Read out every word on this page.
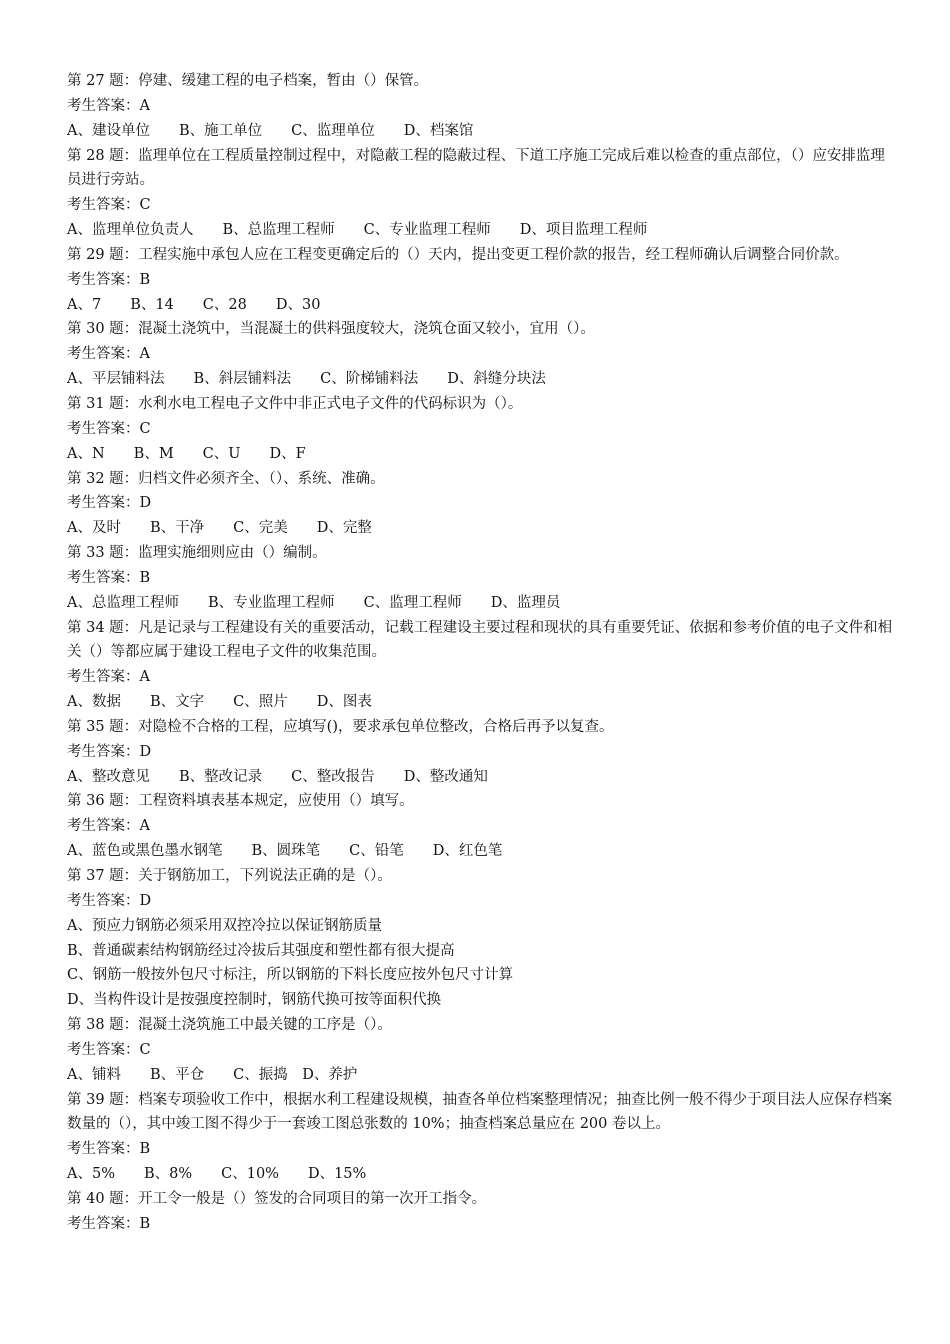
第 27 题：停建、缓建工程的电子档案，暂由（）保管。

考生答案：A

A、建设单位　　B、施工单位　　C、监理单位　　D、档案馆

第 28 题：监理单位在工程质量控制过程中，对隐蔽工程的隐蔽过程、下道工序施工完成后难以检查的重点部位，（）应安排监理员进行旁站。

考生答案：C

A、监理单位负责人　　B、总监理工程师　　C、专业监理工程师　　D、项目监理工程师

第 29 题：工程实施中承包人应在工程变更确定后的（）天内，提出变更工程价款的报告，经工程师确认后调整合同价款。

考生答案：B

A、7　　B、14　　C、28　　D、30

第 30 题：混凝土浇筑中，当混凝土的供料强度较大，浇筑仓面又较小，宜用（）。

考生答案：A

A、平层铺料法　　B、斜层铺料法　　C、阶梯铺料法　　D、斜缝分块法

第 31 题：水利水电工程电子文件中非正式电子文件的代码标识为（）。

考生答案：C

A、N　　B、M　　C、U　　D、F

第 32 题：归档文件必须齐全、（）、系统、准确。

考生答案：D

A、及时　　B、干净　　C、完美　　D、完整

第 33 题：监理实施细则应由（）编制。

考生答案：B

A、总监理工程师　　B、专业监理工程师　　C、监理工程师　　D、监理员

第 34 题：凡是记录与工程建设有关的重要活动，记载工程建设主要过程和现状的具有重要凭证、依据和参考价值的电子文件和相关（）等都应属于建设工程电子文件的收集范围。

考生答案：A

A、数据　　B、文字　　C、照片　　D、图表

第 35 题：对隐检不合格的工程，应填写()，要求承包单位整改，合格后再予以复查。

考生答案：D

A、整改意见　　B、整改记录　　C、整改报告　　D、整改通知

第 36 题：工程资料填表基本规定，应使用（）填写。

考生答案：A

A、蓝色或黑色墨水钢笔　　B、圆珠笔　　C、铅笔　　D、红色笔

第 37 题：关于钢筋加工，下列说法正确的是（）。

考生答案：D

A、预应力钢筋必须采用双控冷拉以保证钢筋质量

B、普通碳素结构钢筋经过冷拔后其强度和塑性都有很大提高

C、钢筋一般按外包尺寸标注，所以钢筋的下料长度应按外包尺寸计算

D、当构件设计是按强度控制时，钢筋代换可按等面积代换

第 38 题：混凝土浇筑施工中最关键的工序是（）。

考生答案：C

A、铺料　　B、平仓　　C、振捣　D、养护

第 39 题：档案专项验收工作中，根据水利工程建设规模，抽查各单位档案整理情况；抽查比例一般不得少于项目法人应保存档案数量的（），其中竣工图不得少于一套竣工图总张数的 10%；抽查档案总量应在 200 卷以上。

考生答案：B

A、5%　　B、8%　　C、10%　　D、15%

第 40 题：开工令一般是（）签发的合同项目的第一次开工指令。

考生答案：B
